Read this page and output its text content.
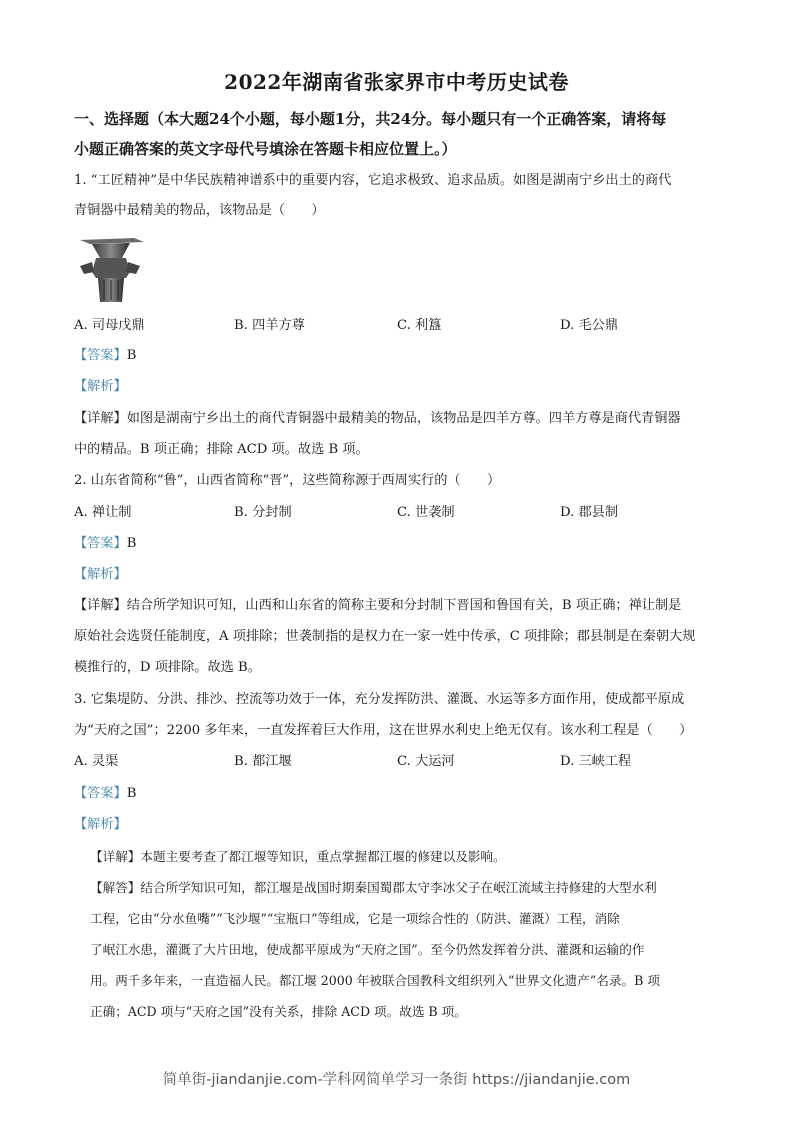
2022年湖南省张家界市中考历史试卷
一、选择题（本大题24个小题，每小题1分，共24分。每小题只有一个正确答案，请将每
小题正确答案的英文字母代号填涂在答题卡相应位置上。）
1. “工匠精神”是中华民族精神谱系中的重要内容，它追求极致、追求品质。如图是湖南宁乡出土的商代
青铜器中最精美的物品，该物品是（　　）
A. 司母戊鼎	B. 四羊方尊	C. 利簋	D. 毛公鼎
【答案】B
【解析】
【详解】如图是湖南宁乡出土的商代青铜器中最精美的物品，该物品是四羊方尊。四羊方尊是商代青铜器
中的精品。B 项正确；排除 ACD 项。故选 B 项。
2. 山东省简称“鲁”，山西省简称“晋”，这些简称源于西周实行的（　　）
A. 禅让制	B. 分封制	C. 世袭制	D. 郡县制
【答案】B
【解析】
【详解】结合所学知识可知，山西和山东省的简称主要和分封制下晋国和鲁国有关，B 项正确；禅让制是
原始社会选贤任能制度，A 项排除；世袭制指的是权力在一家一姓中传承，C 项排除；郡县制是在秦朝大规
模推行的，D 项排除。故选 B。
3. 它集堤防、分洪、排沙、控流等功效于一体，充分发挥防洪、灌溉、水运等多方面作用，使成都平原成
为“天府之国”；2200 多年来，一直发挥着巨大作用，这在世界水利史上绝无仅有。该水利工程是（　　）
A. 灵渠	B. 都江堰	C. 大运河	D. 三峡工程
【答案】B
【解析】
【详解】本题主要考查了都江堰等知识，重点掌握都江堰的修建以及影响。
【解答】结合所学知识可知，都江堰是战国时期秦国蜀郡太守李冰父子在岷江流域主持修建的大型水利
工程，它由“分水鱼嘴”“飞沙堰”“宝瓶口”等组成，它是一项综合性的（防洪、灌溉）工程，消除
了岷江水患，灌溉了大片田地，使成都平原成为“天府之国”。至今仍然发挥着分洪、灌溉和运输的作
用。两千多年来，一直造福人民。都江堰 2000 年被联合国教科文组织列入“世界文化遗产”名录。B 项
正确；ACD 项与“天府之国”没有关系，排除 ACD 项。故选 B 项。
简单街-jiandanjie.com-学科网简单学习一条街 https://jiandanjie.com
